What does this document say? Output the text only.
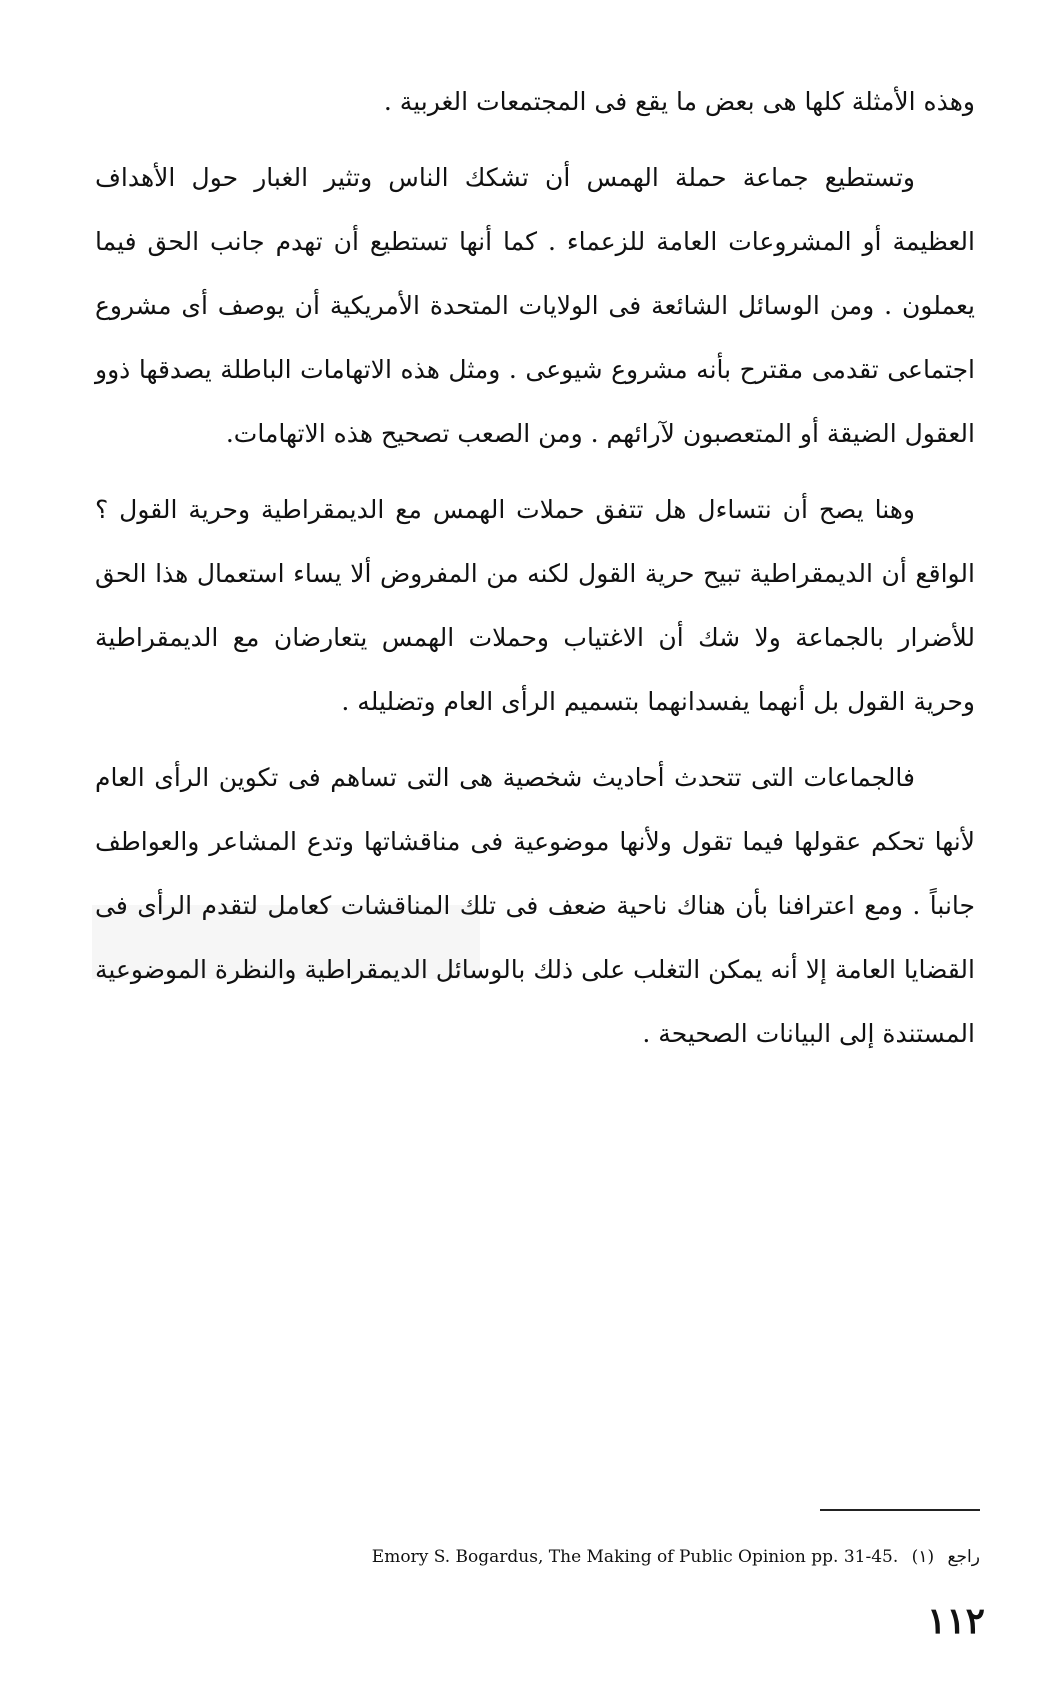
وهذه الأمثلة كلها هى بعض ما يقع فى المجتمعات الغربية .

وتستطيع جماعة حملة الهمس أن تشكك الناس وتثير الغبار حول الأهداف العظيمة أو المشروعات العامة للزعماء . كما أنها تستطيع أن تهدم جانب الحق فيما يعملون . ومن الوسائل الشائعة فى الولايات المتحدة الأمريكية أن يوصف أى مشروع اجتماعى تقدمى مقترح بأنه مشروع شيوعى . ومثل هذه الاتهامات الباطلة يصدقها ذوو العقول الضيقة أو المتعصبون لآرائهم . ومن الصعب تصحيح هذه الاتهامات.

وهنا يصح أن نتساءل هل تتفق حملات الهمس مع الديمقراطية وحرية القول ؟ الواقع أن الديمقراطية تبيح حرية القول لكنه من المفروض ألا يساء استعمال هذا الحق للأضرار بالجماعة ولا شك أن الاغتياب وحملات الهمس يتعارضان مع الديمقراطية وحرية القول بل أنهما يفسدانهما بتسميم الرأى العام وتضليله .

فالجماعات التى تتحدث أحاديث شخصية هى التى تساهم فى تكوين الرأى العام لأنها تحكم عقولها فيما تقول ولأنها موضوعية فى مناقشاتها وتدع المشاعر والعواطف جانباً . ومع اعترافنا بأن هناك ناحية ضعف فى تلك المناقشات كعامل لتقدم الرأى فى القضايا العامة إلا أنه يمكن التغلب على ذلك بالوسائل الديمقراطية والنظرة الموضوعية المستندة إلى البيانات الصحيحة .

Emory S. Bogardus, The Making of Public Opinion pp. 31-45.	راجع (١)
١١٢
